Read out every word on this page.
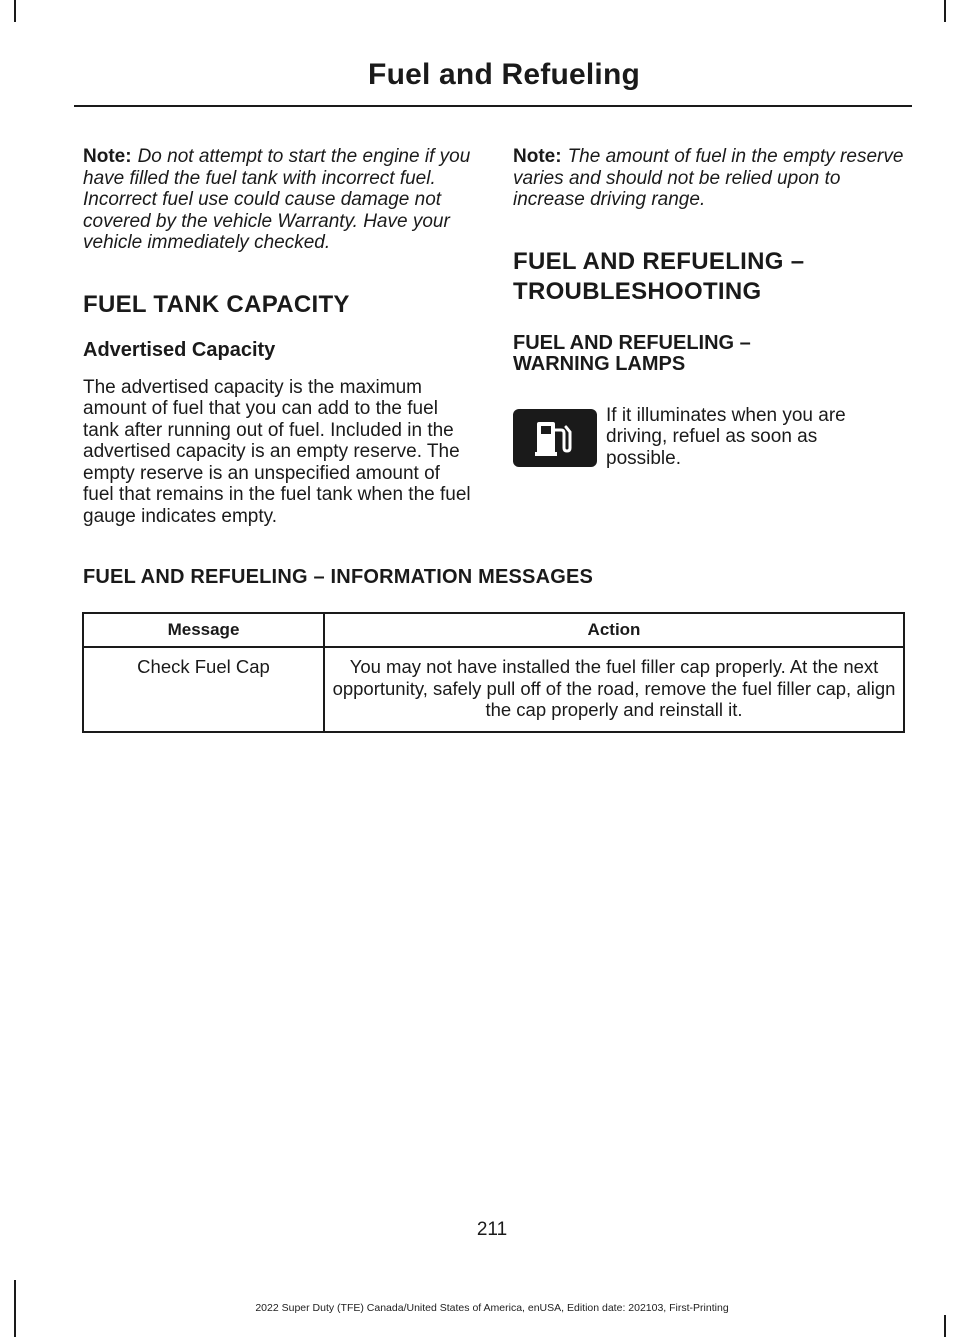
Fuel and Refueling

Note: Do not attempt to start the engine if you have filled the fuel tank with incorrect fuel. Incorrect fuel use could cause damage not covered by the vehicle Warranty. Have your vehicle immediately checked.

FUEL TANK CAPACITY
Advertised Capacity

The advertised capacity is the maximum amount of fuel that you can add to the fuel tank after running out of fuel. Included in the advertised capacity is an empty reserve. The empty reserve is an unspecified amount of fuel that remains in the fuel tank when the fuel gauge indicates empty.

Note: The amount of fuel in the empty reserve varies and should not be relied upon to increase driving range.

FUEL AND REFUELING –
TROUBLESHOOTING
FUEL AND REFUELING –
WARNING LAMPS
If it illuminates when you are driving, refuel as soon as possible.
FUEL AND REFUELING – INFORMATION MESSAGES
Message	Action
Check Fuel Cap	You may not have installed the fuel filler cap properly. At the next opportunity, safely pull off of the road, remove the fuel filler cap, align the cap properly and reinstall it.
211
2022 Super Duty (TFE) Canada/United States of America, enUSA, Edition date: 202103, First-Printing
